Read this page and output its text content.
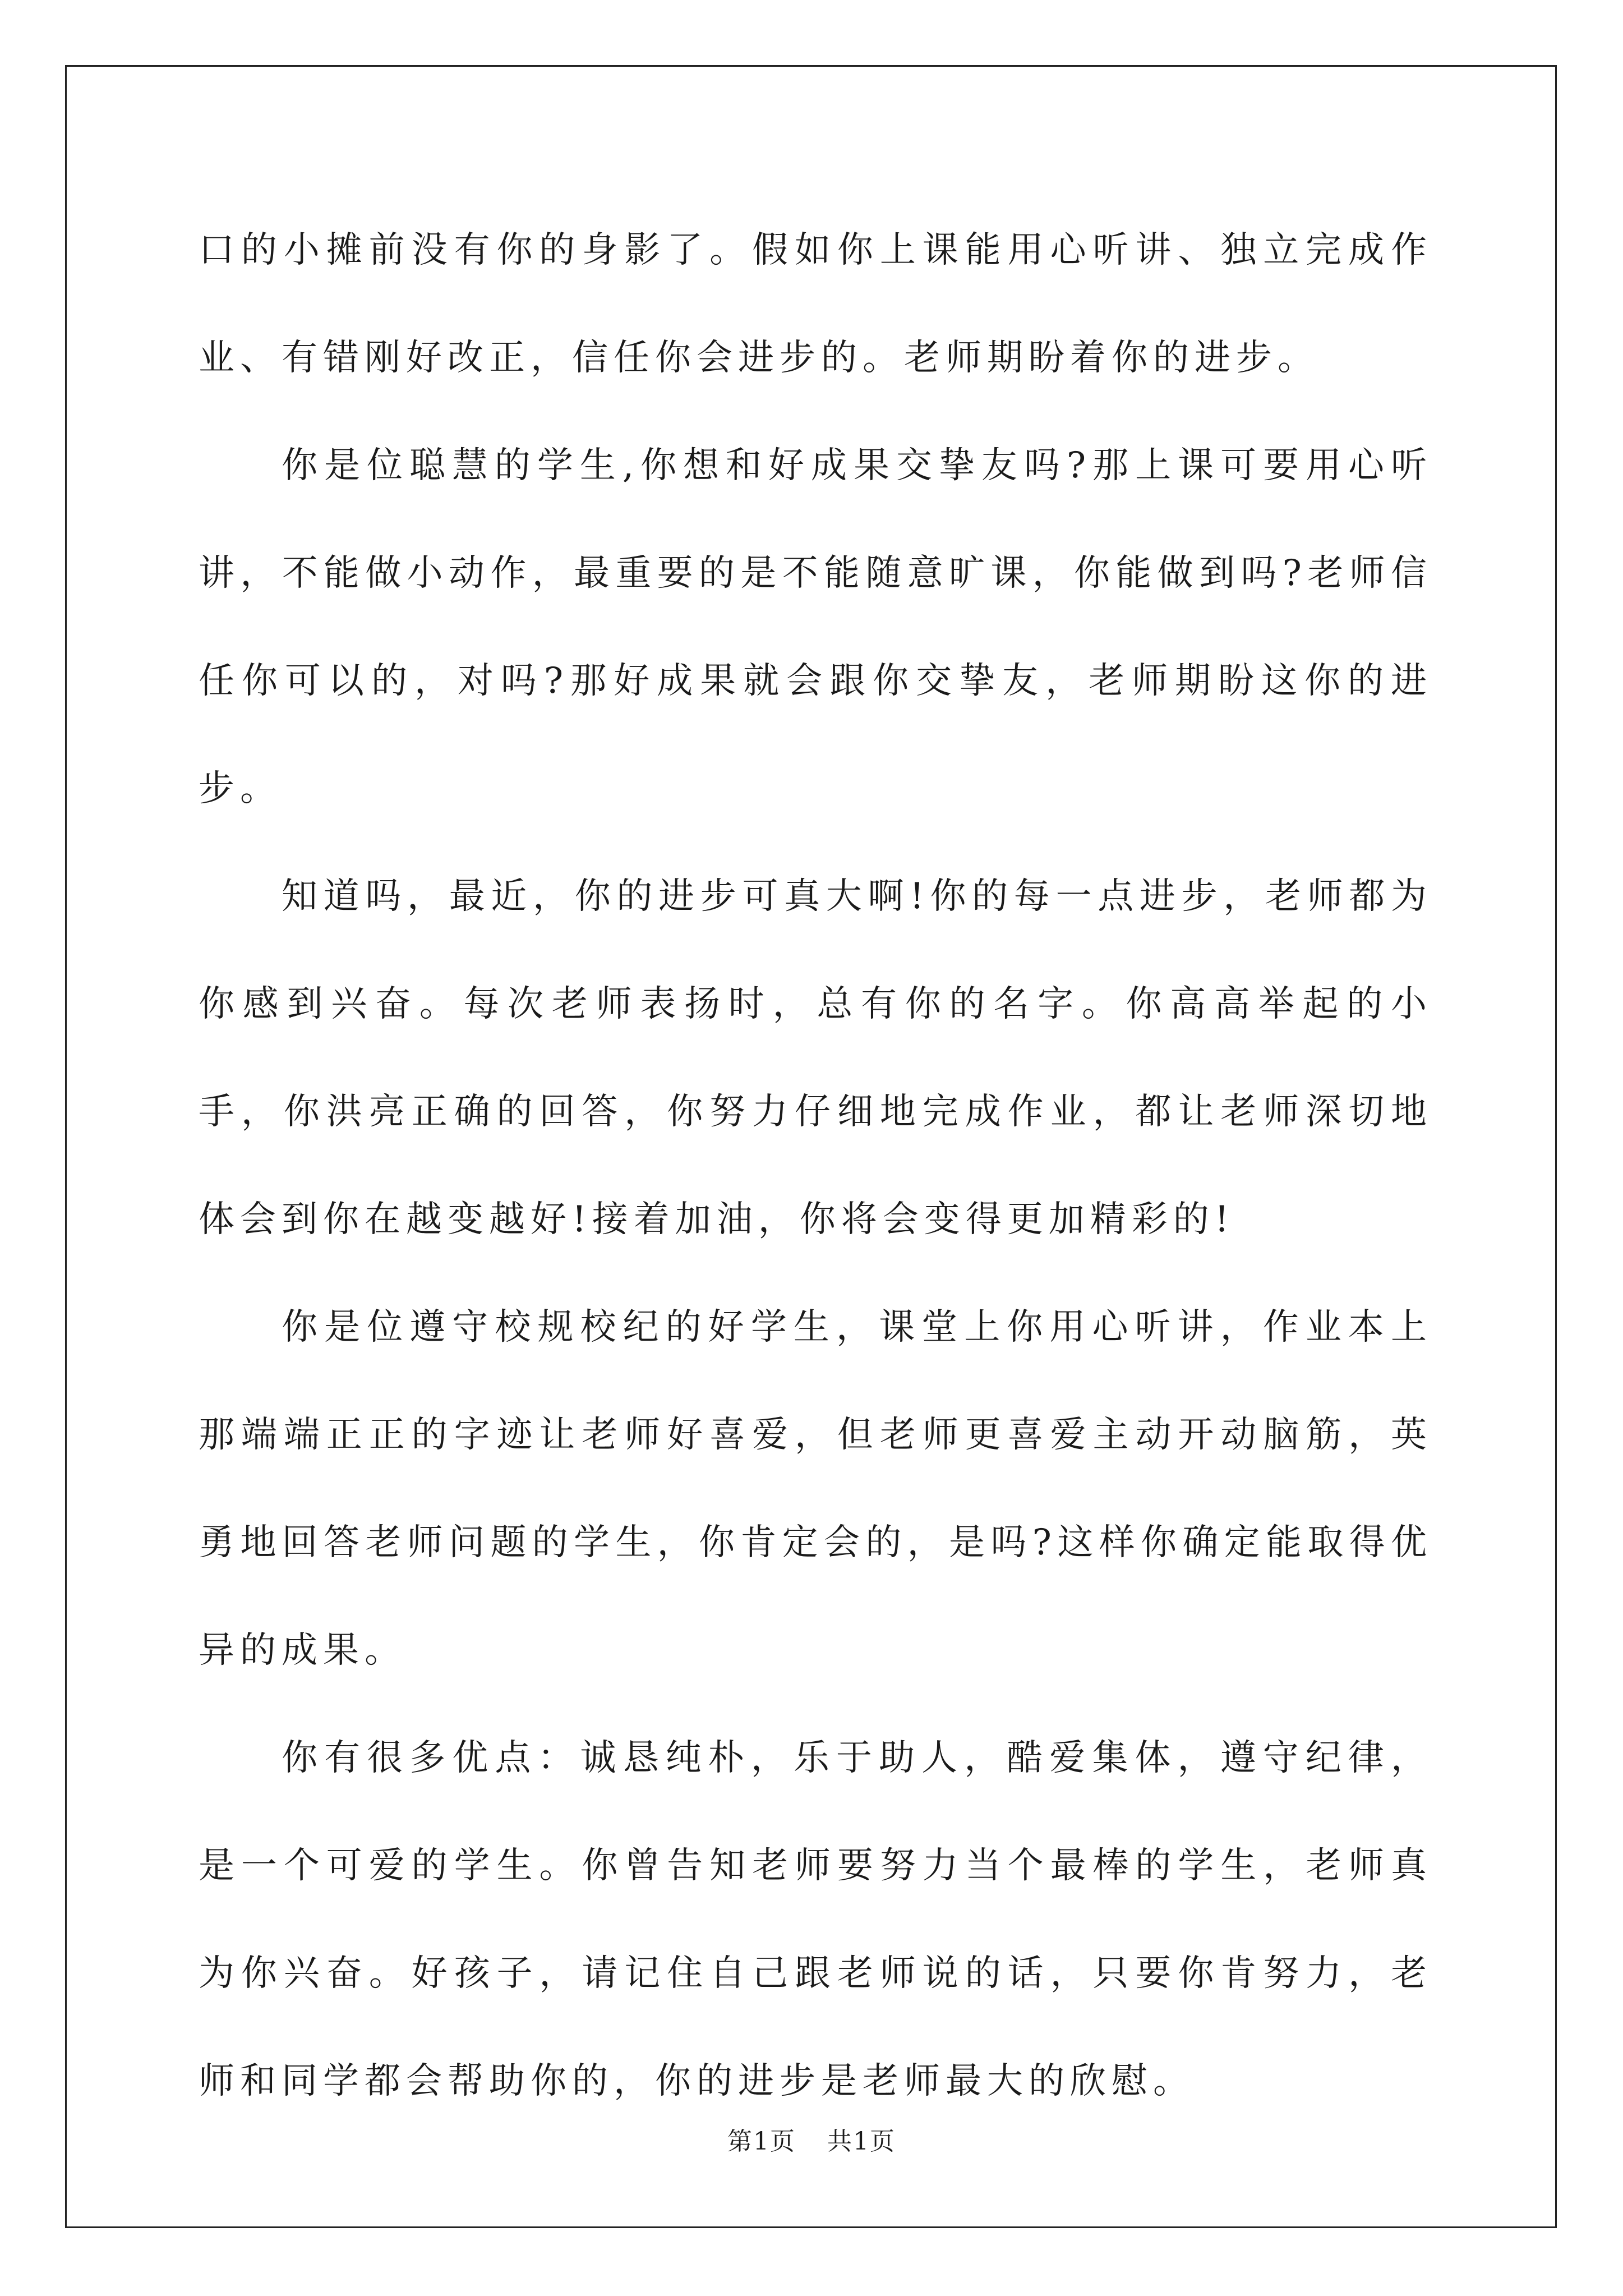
口的小摊前没有你的身影了。假如你上课能用心听讲、独立完成作业、有错刚好改正，信任你会进步的。老师期盼着你的进步。

你是位聪慧的学生,你想和好成果交挚友吗?那上课可要用心听讲，不能做小动作，最重要的是不能随意旷课，你能做到吗?老师信任你可以的，对吗?那好成果就会跟你交挚友，老师期盼这你的进步。

知道吗，最近，你的进步可真大啊!你的每一点进步，老师都为你感到兴奋。每次老师表扬时，总有你的名字。你高高举起的小手，你洪亮正确的回答，你努力仔细地完成作业，都让老师深切地体会到你在越变越好!接着加油，你将会变得更加精彩的!

你是位遵守校规校纪的好学生，课堂上你用心听讲，作业本上那端端正正的字迹让老师好喜爱，但老师更喜爱主动开动脑筋，英勇地回答老师问题的学生，你肯定会的，是吗?这样你确定能取得优异的成果。

你有很多优点：诚恳纯朴，乐于助人，酷爱集体，遵守纪律，是一个可爱的学生。你曾告知老师要努力当个最棒的学生，老师真为你兴奋。好孩子，请记住自己跟老师说的话，只要你肯努力，老师和同学都会帮助你的，你的进步是老师最大的欣慰。

第1页 共1页
